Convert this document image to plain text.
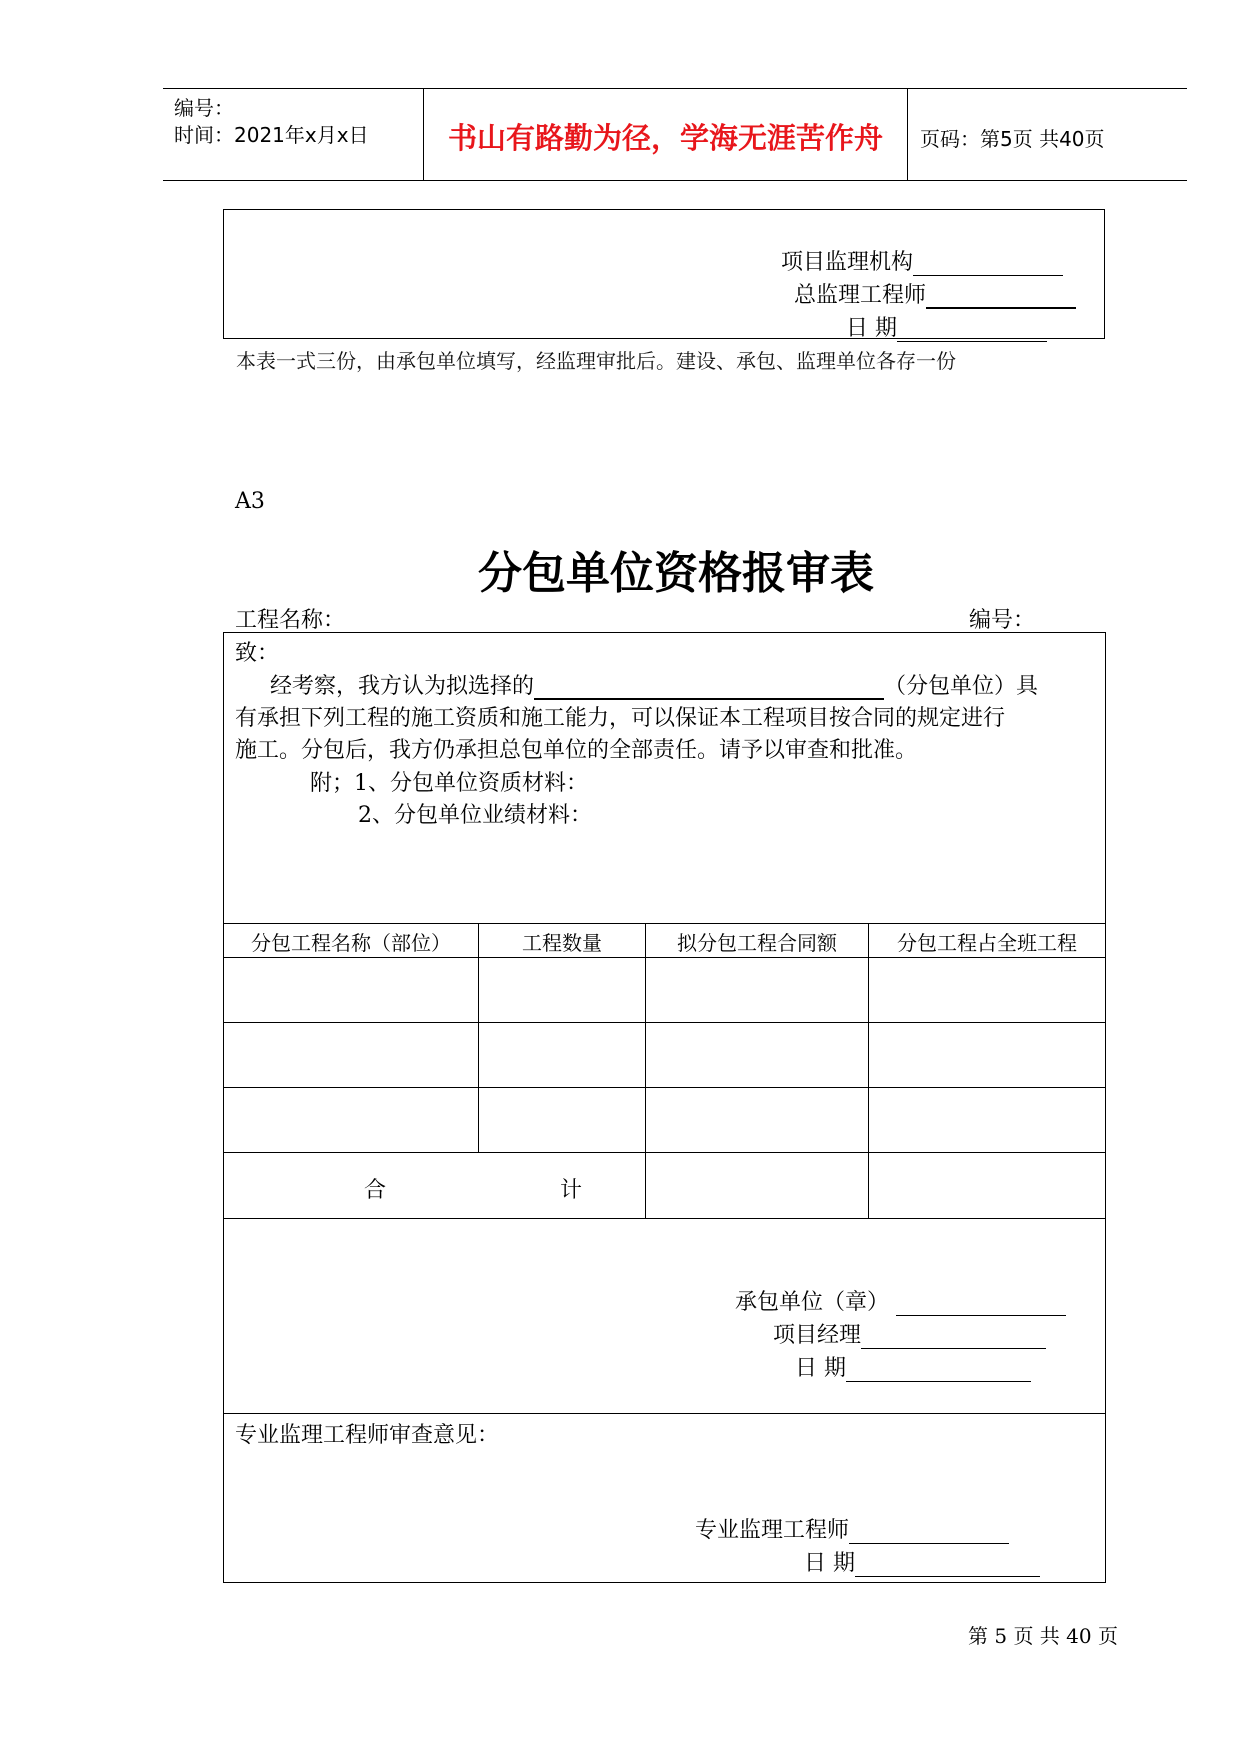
编号：
时间：2021年x月x日	书山有路勤为径，学海无涯苦作舟	页码：第5页 共40页
项目监理机构
总监理工程师
日 期
本表一式三份，由承包单位填写，经监理审批后。建设、承包、监理单位各存一份
A3
分包单位资格报审表
工程名称：	编号：
致：
经考察，我方认为拟选择的	（分包单位）具
有承担下列工程的施工资质和施工能力，可以保证本工程项目按合同的规定进行
施工。分包后，我方仍承担总包单位的全部责任。请予以审查和批准。
附；1、分包单位资质材料：
2、分包单位业绩材料：
分包工程名称（部位）	工程数量	拟分包工程合同额	分包工程占全班工程
合	计
承包单位（章）
项目经理
日 期
专业监理工程师审查意见：
专业监理工程师
日 期
第 5 页 共 40 页
